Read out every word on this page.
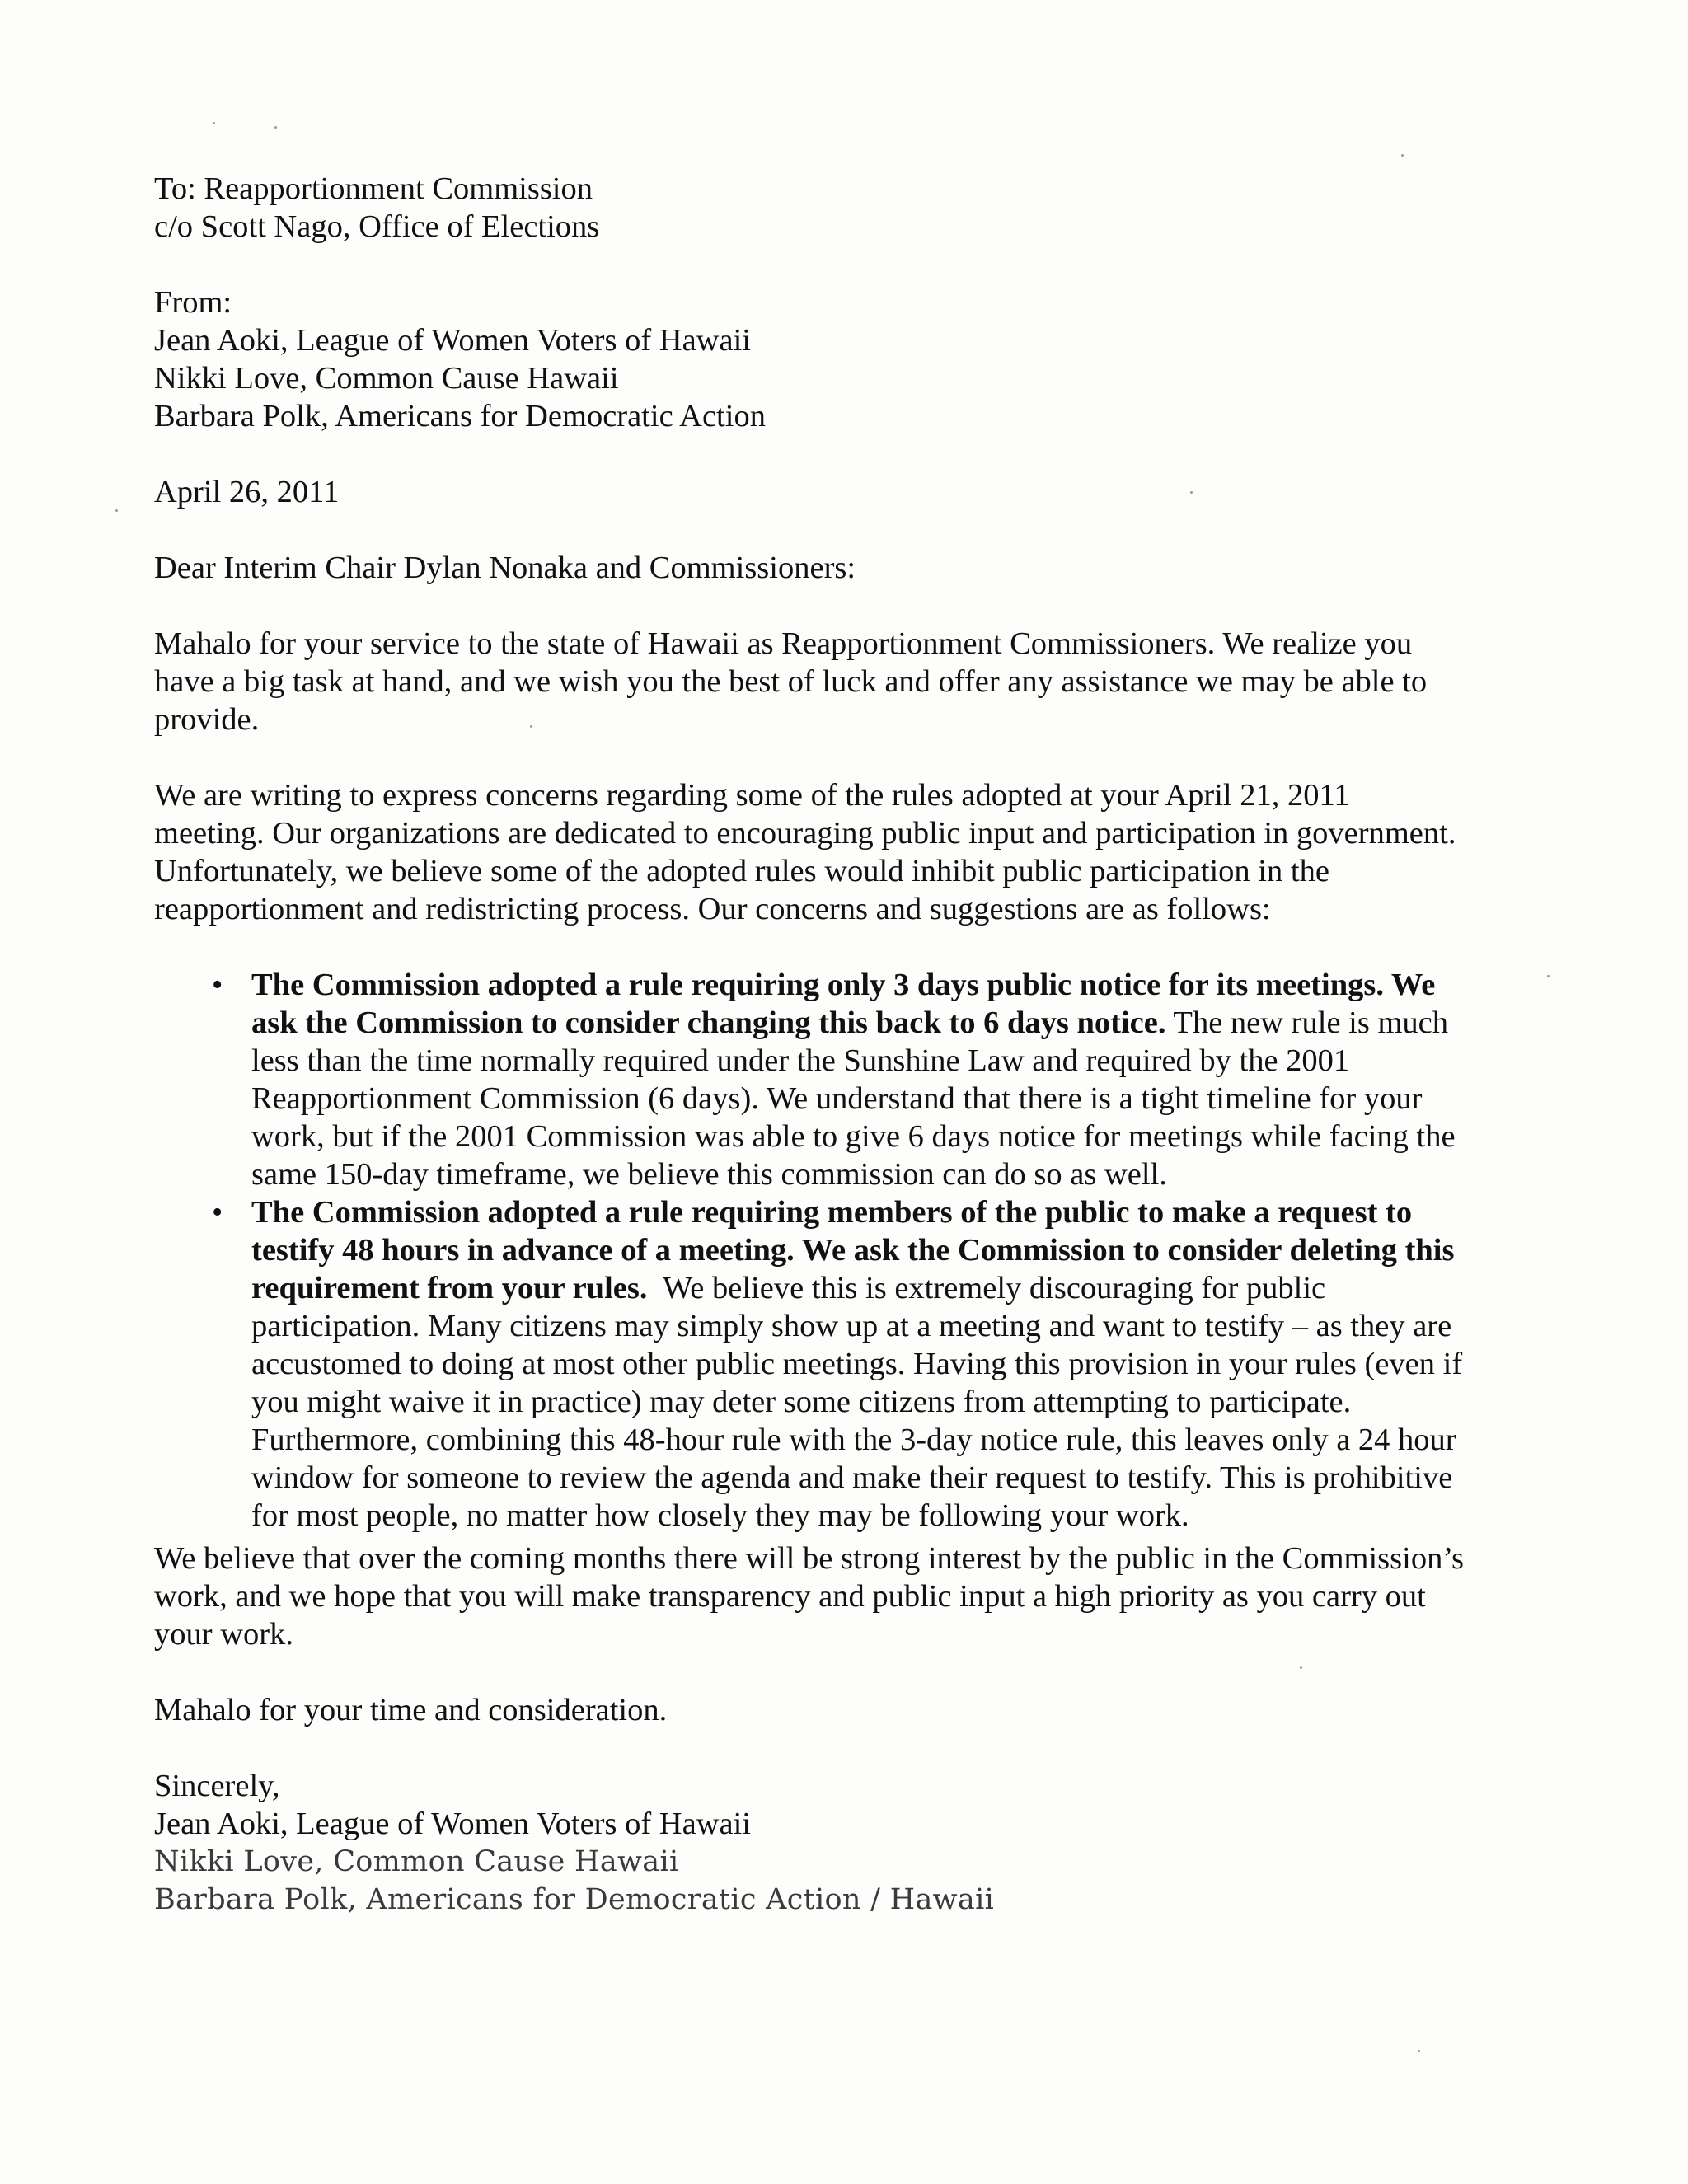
To: Reapportionment Commission
c/o Scott Nago, Office of Elections
From:
Jean Aoki, League of Women Voters of Hawaii
Nikki Love, Common Cause Hawaii
Barbara Polk, Americans for Democratic Action
April 26, 2011
Dear Interim Chair Dylan Nonaka and Commissioners:
Mahalo for your service to the state of Hawaii as Reapportionment Commissioners. We realize you
have a big task at hand, and we wish you the best of luck and offer any assistance we may be able to
provide.
We are writing to express concerns regarding some of the rules adopted at your April 21, 2011
meeting. Our organizations are dedicated to encouraging public input and participation in government.
Unfortunately, we believe some of the adopted rules would inhibit public participation in the
reapportionment and redistricting process. Our concerns and suggestions are as follows:
• The Commission adopted a rule requiring only 3 days public notice for its meetings. We
ask the Commission to consider changing this back to 6 days notice. The new rule is much
less than the time normally required under the Sunshine Law and required by the 2001
Reapportionment Commission (6 days). We understand that there is a tight timeline for your
work, but if the 2001 Commission was able to give 6 days notice for meetings while facing the
same 150-day timeframe, we believe this commission can do so as well.
• The Commission adopted a rule requiring members of the public to make a request to
testify 48 hours in advance of a meeting. We ask the Commission to consider deleting this
requirement from your rules.  We believe this is extremely discouraging for public
participation. Many citizens may simply show up at a meeting and want to testify – as they are
accustomed to doing at most other public meetings. Having this provision in your rules (even if
you might waive it in practice) may deter some citizens from attempting to participate.
Furthermore, combining this 48-hour rule with the 3-day notice rule, this leaves only a 24 hour
window for someone to review the agenda and make their request to testify. This is prohibitive
for most people, no matter how closely they may be following your work.
We believe that over the coming months there will be strong interest by the public in the Commission’s
work, and we hope that you will make transparency and public input a high priority as you carry out
your work.
Mahalo for your time and consideration.
Sincerely,
Jean Aoki, League of Women Voters of Hawaii
Nikki Love, Common Cause Hawaii
Barbara Polk, Americans for Democratic Action / Hawaii
